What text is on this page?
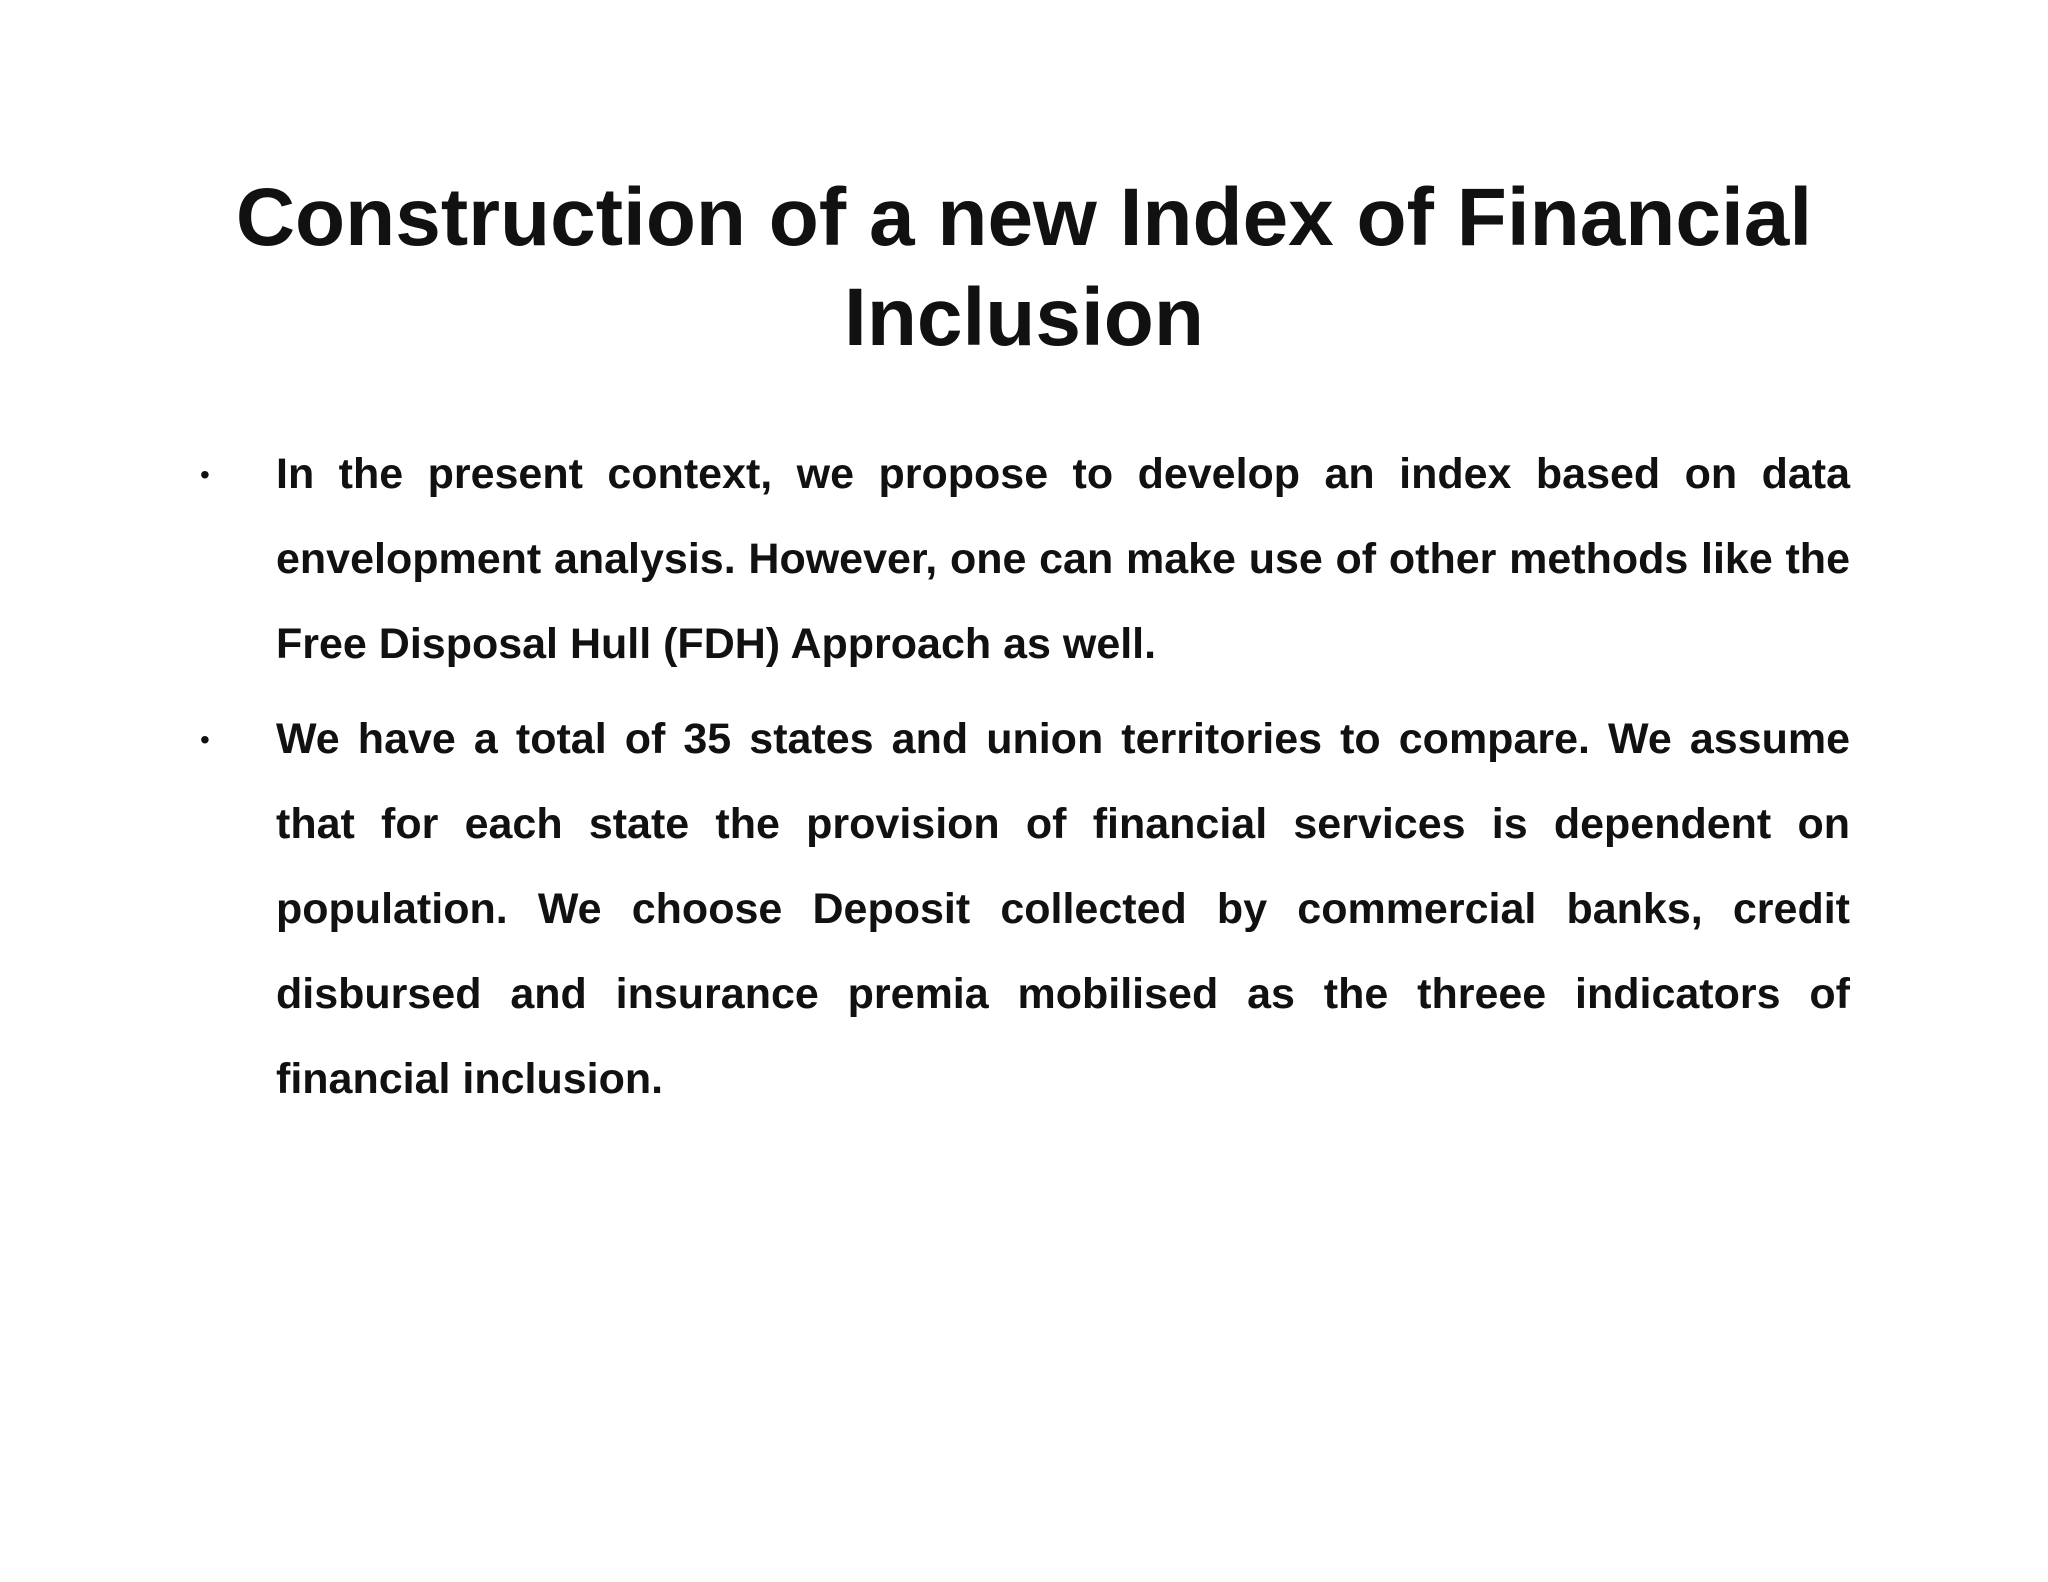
Construction of a new Index of Financial Inclusion
• In the present context, we propose to develop an index based on data envelopment analysis. However, one can make use of other methods like the Free Disposal Hull (FDH) Approach as well.
• We have a total of 35 states and union territories to compare. We assume that for each state the provision of financial services is dependent on population. We choose Deposit collected by commercial banks, credit disbursed and insurance premia mobilised as the threee indicators of financial inclusion.
